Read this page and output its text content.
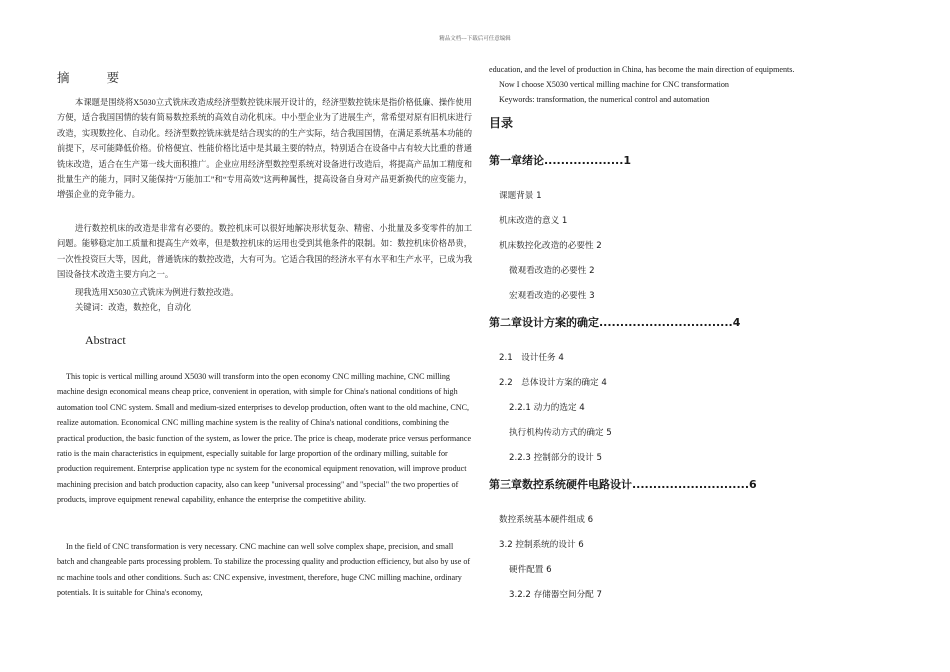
精品文档---下载后可任意编辑
摘 要

本课题是围绕将X5030立式铣床改造成经济型数控铣床展开设计的，经济型数控铣床是指价格低廉、操作使用方便，适合我国国情的装有简易数控系统的高效自动化机床。中小型企业为了进展生产，常希望对原有旧机床进行改造，实现数控化、自动化。经济型数控铣床就是结合现实的的生产实际，结合我国国情，在满足系统基本功能的前提下，尽可能降低价格。价格便宜、性能价格比适中是其最主要的特点，特别适合在设备中占有较大比重的普通铣床改造，适合在生产第一线大面积推广。企业应用经济型数控型系统对设备进行改造后，将提高产品加工精度和批量生产的能力，同时又能保持“万能加工”和“专用高效”这两种属性，提高设备自身对产品更新换代的应变能力，增强企业的竞争能力。

进行数控机床的改造是非常有必要的。数控机床可以很好地解决形状复杂、精密、小批量及多变零件的加工问题。能够稳定加工质量和提高生产效率，但是数控机床的运用也受到其他条件的限制。如：数控机床价格昂贵，一次性投资巨大等，因此，普通铣床的数控改造，大有可为。它适合我国的经济水平有水平和生产水平，已成为我国设备技术改造主要方向之一。

现我选用X5030立式铣床为例进行数控改造。

关键词：改造，数控化，自动化

Abstract

This topic is vertical milling around X5030 will transform into the open economy CNC milling machine, CNC milling machine design economical means cheap price, convenient in operation, with simple for China's national conditions of high automation tool CNC system. Small and medium-sized enterprises to develop production, often want to the old machine, CNC, realize automation. Economical CNC milling machine system is the reality of China's national conditions, combining the practical production, the basic function of the system, as lower the price. The price is cheap, moderate price versus performance ratio is the main characteristics in equipment, especially suitable for large proportion of the ordinary milling, suitable for production requirement. Enterprise application type nc system for the economical equipment renovation, will improve product machining precision and batch production capacity, also can keep "universal processing" and "special" the two properties of products, improve equipment renewal capability, enhance the enterprise the competitive ability.

In the field of CNC transformation is very necessary. CNC machine can well solve complex shape, precision, and small batch and changeable parts processing problem. To stabilize the processing quality and production efficiency, but also by use of nc machine tools and other conditions. Such as: CNC expensive, investment, therefore, huge CNC milling machine, ordinary potentials. It is suitable for China's economy,

education, and the level of production in China, has become the main direction of equipments.
Now I choose X5030 vertical milling machine for CNC transformation
Keywords: transformation, the numerical control and automation
目录
第一章绪论...................1
课题背景 1
机床改造的意义 1
机床数控化改造的必要性 2
微观看改造的必要性 2
宏观看改造的必要性 3
第二章设计方案的确定................................4
2.1　设计任务 4
2.2　总体设计方案的确定 4
2.2.1 动力的选定 4
执行机构传动方式的确定 5
2.2.3 控制部分的设计 5
第三章数控系统硬件电路设计............................6
数控系统基本硬件组成 6
3.2 控制系统的设计 6
硬件配置 6
3.2.2 存储器空间分配 7
